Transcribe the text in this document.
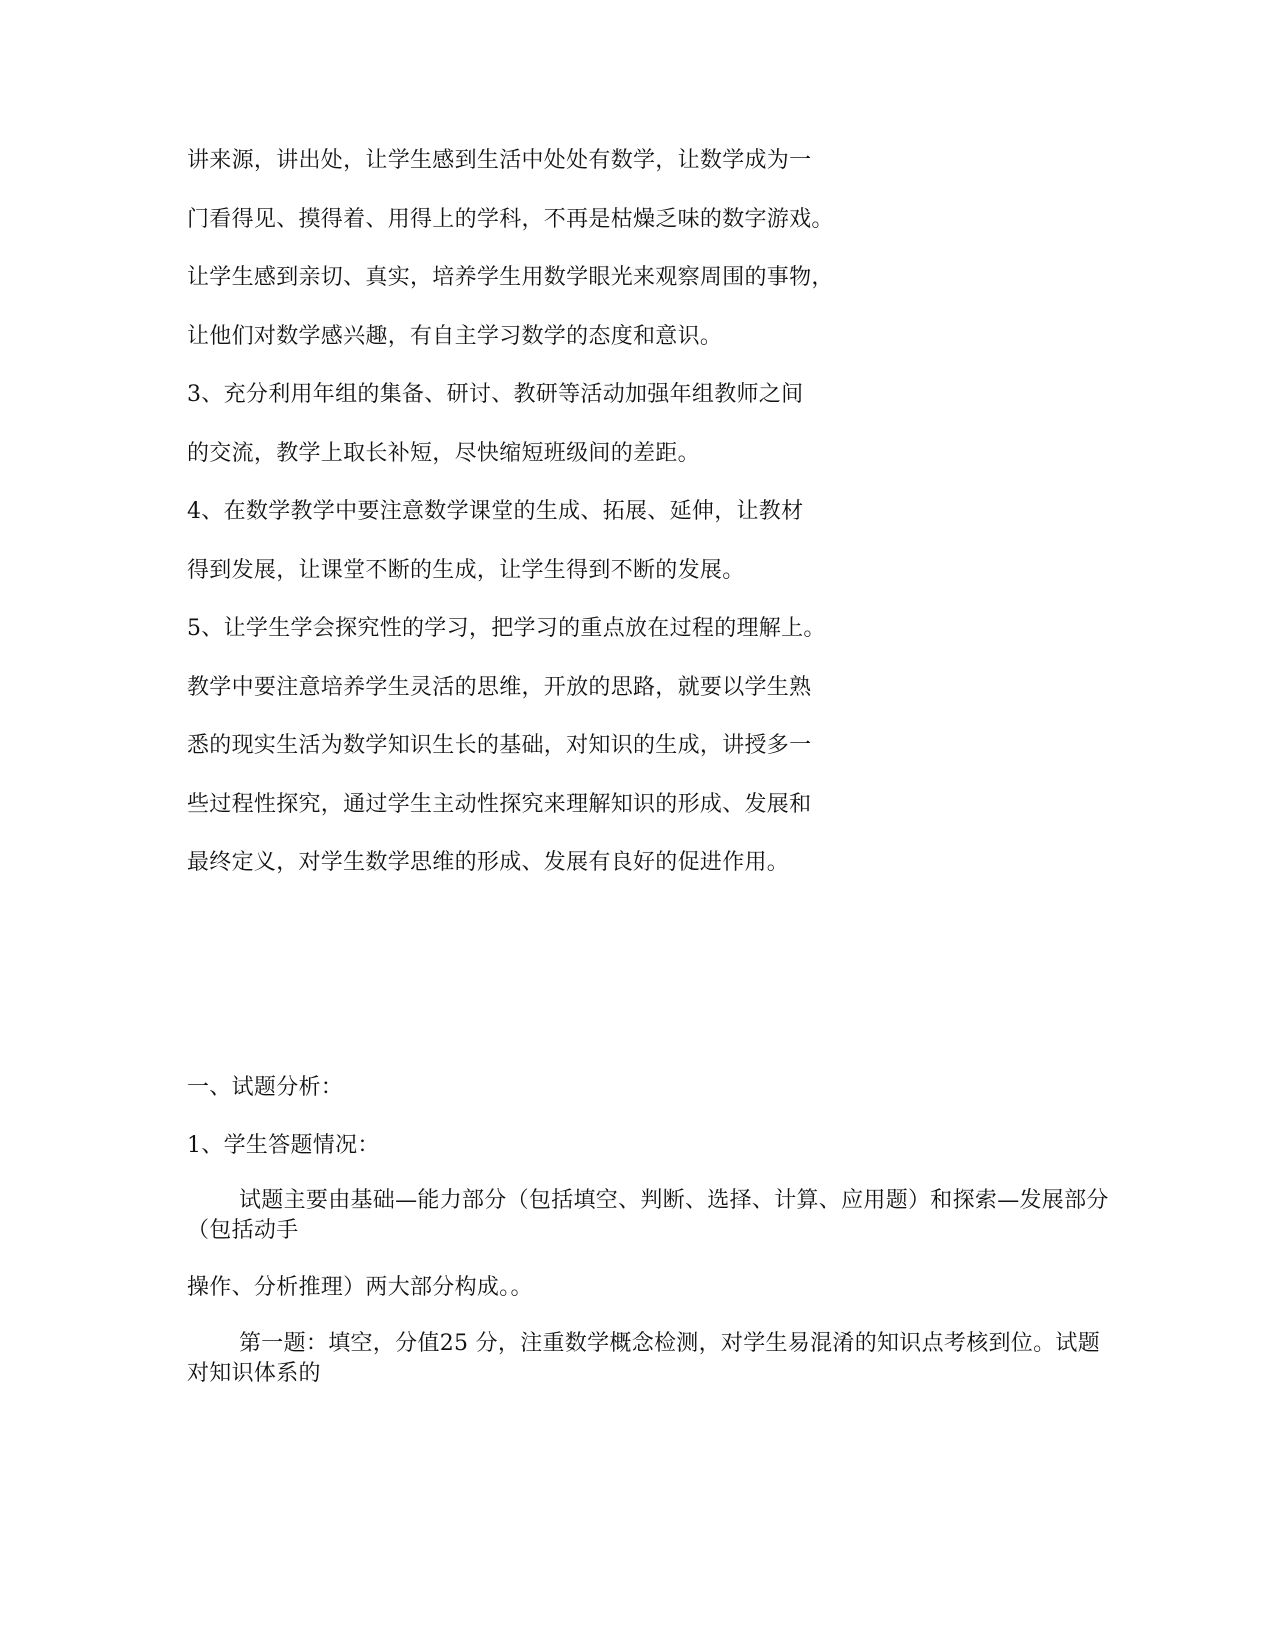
讲来源，讲出处，让学生感到生活中处处有数学，让数学成为一
门看得见、摸得着、用得上的学科，不再是枯燥乏味的数字游戏。
让学生感到亲切、真实，培养学生用数学眼光来观察周围的事物，
让他们对数学感兴趣，有自主学习数学的态度和意识。
3、充分利用年组的集备、研讨、教研等活动加强年组教师之间
的交流，教学上取长补短，尽快缩短班级间的差距。
4、在数学教学中要注意数学课堂的生成、拓展、延伸，让教材
得到发展，让课堂不断的生成，让学生得到不断的发展。
5、让学生学会探究性的学习，把学习的重点放在过程的理解上。
教学中要注意培养学生灵活的思维，开放的思路，就要以学生熟
悉的现实生活为数学知识生长的基础，对知识的生成，讲授多一
些过程性探究，通过学生主动性探究来理解知识的形成、发展和
最终定义，对学生数学思维的形成、发展有良好的促进作用。
一、试题分析：
1、学生答题情况：
试题主要由基础—能力部分（包括填空、判断、选择、计算、应用题）和探索—发展部分（包括动手
操作、分析推理）两大部分构成。。
第一题：填空，分值25 分，注重数学概念检测，对学生易混淆的知识点考核到位。试题对知识体系的
